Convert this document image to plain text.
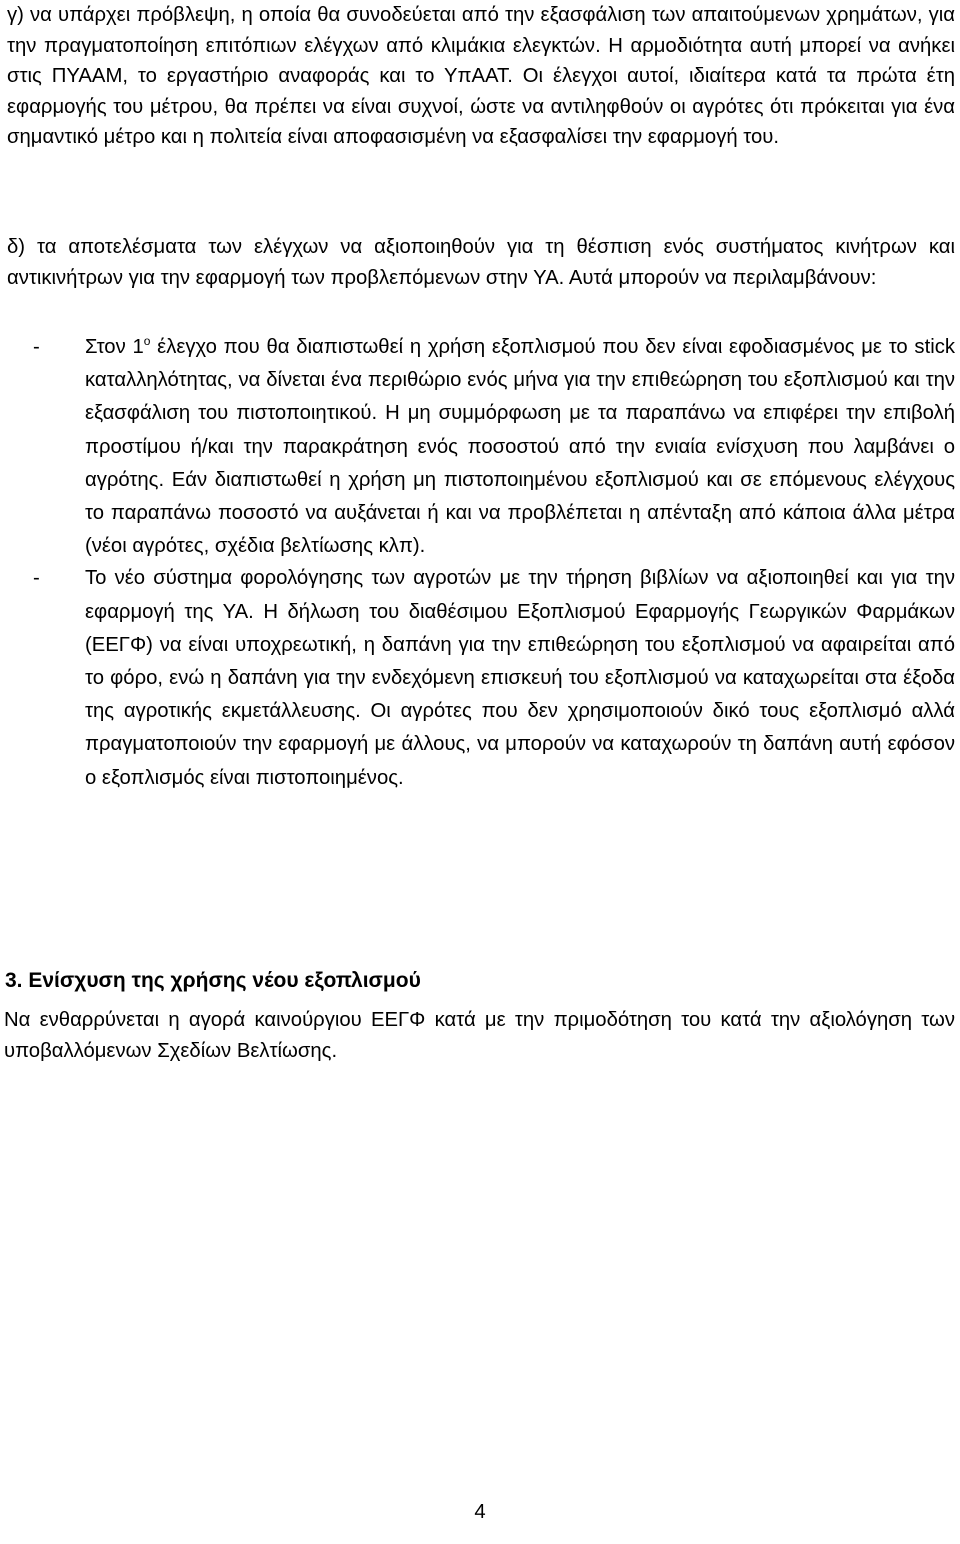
γ) να υπάρχει πρόβλεψη, η οποία θα συνοδεύεται από την εξασφάλιση των απαιτούμενων χρημάτων, για την πραγματοποίηση επιτόπιων ελέγχων από κλιμάκια ελεγκτών. Η αρμοδιότητα αυτή μπορεί να ανήκει στις ΠΥΑΑΜ, το εργαστήριο αναφοράς και το ΥπΑΑΤ. Οι έλεγχοι αυτοί, ιδιαίτερα κατά τα πρώτα έτη εφαρμογής του μέτρου, θα πρέπει να είναι συχνοί, ώστε να αντιληφθούν οι αγρότες ότι πρόκειται για ένα σημαντικό μέτρο και η πολιτεία είναι αποφασισμένη να εξασφαλίσει την εφαρμογή του.

δ) τα αποτελέσματα των ελέγχων να αξιοποιηθούν για τη θέσπιση ενός συστήματος κινήτρων και αντικινήτρων για την εφαρμογή των προβλεπόμενων στην ΥΑ. Αυτά μπορούν να περιλαμβάνουν:

- Στον $1^o$ έλεγχο που θα διαπιστωθεί η χρήση εξοπλισμού που δεν είναι εφοδιασμένος με το stick καταλληλότητας, να δίνεται ένα περιθώριο ενός μήνα για την επιθεώρηση του εξοπλισμού και την εξασφάλιση του πιστοποιητικού. Η μη συμμόρφωση με τα παραπάνω να επιφέρει την επιβολή προστίμου ή/και την παρακράτηση ενός ποσοστού από την ενιαία ενίσχυση που λαμβάνει ο αγρότης. Εάν διαπιστωθεί η χρήση μη πιστοποιημένου εξοπλισμού και σε επόμενους ελέγχους το παραπάνω ποσοστό να αυξάνεται ή και να προβλέπεται η απένταξη από κάποια άλλα μέτρα (νέοι αγρότες, σχέδια βελτίωσης κλπ).
- Το νέο σύστημα φορολόγησης των αγροτών με την τήρηση βιβλίων να αξιοποιηθεί και για την εφαρμογή της ΥΑ. Η δήλωση του διαθέσιμου Εξοπλισμού Εφαρμογής Γεωργικών Φαρμάκων (ΕΕΓΦ) να είναι υποχρεωτική, η δαπάνη για την επιθεώρηση του εξοπλισμού να αφαιρείται από το φόρο, ενώ η δαπάνη για την ενδεχόμενη επισκευή του εξοπλισμού να καταχωρείται στα έξοδα της αγροτικής εκμετάλλευσης. Οι αγρότες που δεν χρησιμοποιούν δικό τους εξοπλισμό αλλά πραγματοποιούν την εφαρμογή με άλλους, να μπορούν να καταχωρούν τη δαπάνη αυτή εφόσον ο εξοπλισμός είναι πιστοποιημένος.
3. Ενίσχυση της χρήσης νέου εξοπλισμού

Να ενθαρρύνεται η αγορά καινούργιου ΕΕΓΦ κατά με την πριμοδότηση του κατά την αξιολόγηση των υποβαλλόμενων Σχεδίων Βελτίωσης.

4
